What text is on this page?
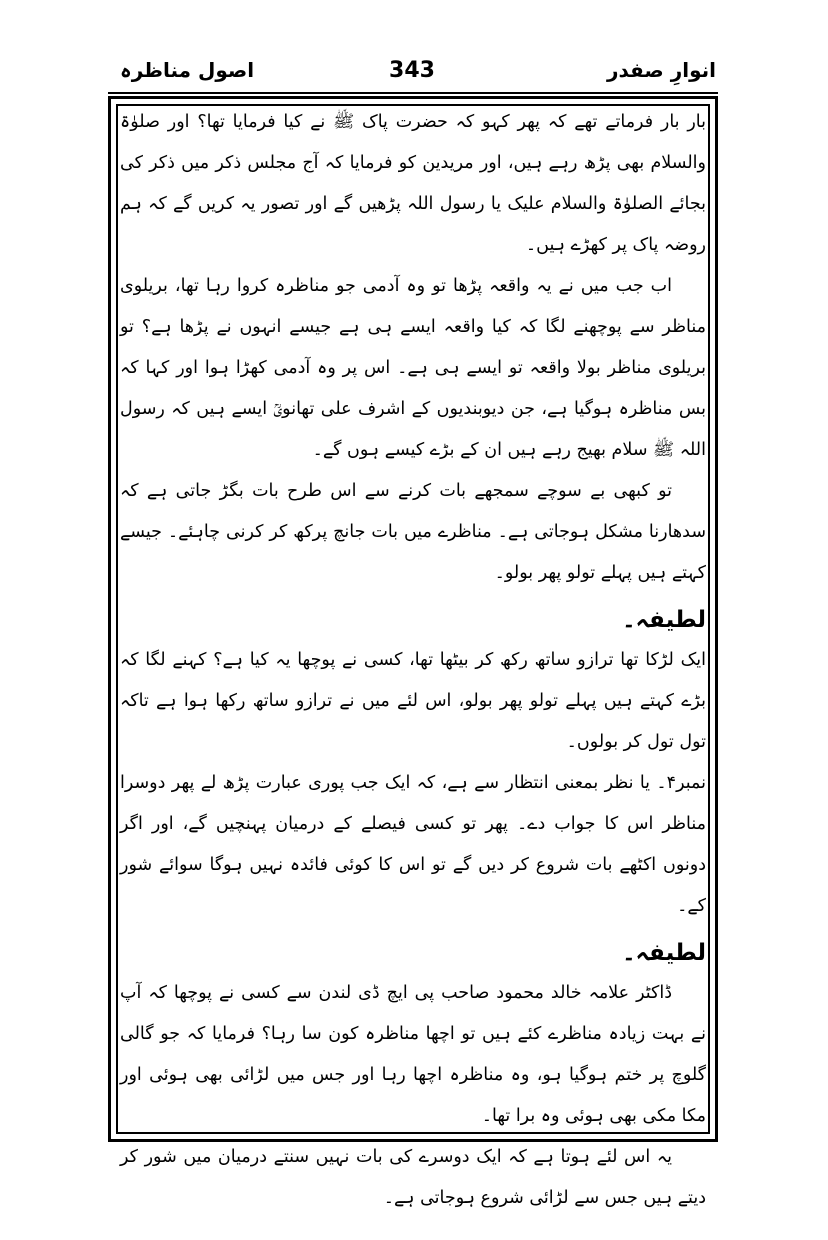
انوارِ صفدر
343
اصول مناظرہ

بار بار فرماتے تھے کہ پھر کہو کہ حضرت پاک ﷺ نے کیا فرمایا تھا؟ اور صلوٰۃ والسلام بھی پڑھ رہے ہیں، اور مریدین کو فرمایا کہ آج مجلس ذکر میں ذکر کی بجائے الصلوٰۃ والسلام علیک یا رسول اللہ پڑھیں گے اور تصور یہ کریں گے کہ ہم روضہ پاک پر کھڑے ہیں۔

اب جب میں نے یہ واقعہ پڑھا تو وہ آدمی جو مناظرہ کروا رہا تھا، بریلوی مناظر سے پوچھنے لگا کہ کیا واقعہ ایسے ہی ہے جیسے انہوں نے پڑھا ہے؟ تو بریلوی مناظر بولا واقعہ تو ایسے ہی ہے۔ اس پر وہ آدمی کھڑا ہوا اور کہا کہ بس مناظرہ ہوگیا ہے، جن دیوبندیوں کے اشرف علی تھانویؒ ایسے ہیں کہ رسول اللہ ﷺ سلام بھیج رہے ہیں ان کے بڑے کیسے ہوں گے۔

تو کبھی بے سوچے سمجھے بات کرنے سے اس طرح بات بگڑ جاتی ہے کہ سدھارنا مشکل ہوجاتی ہے۔ مناظرے میں بات جانچ پرکھ کر کرنی چاہئے۔ جیسے کہتے ہیں پہلے تولو پھر بولو۔

لطیفہ۔

ایک لڑکا تھا ترازو ساتھ رکھ کر بیٹھا تھا، کسی نے پوچھا یہ کیا ہے؟ کہنے لگا کہ بڑے کہتے ہیں پہلے تولو پھر بولو، اس لئے میں نے ترازو ساتھ رکھا ہوا ہے تاکہ تول تول کر بولوں۔

نمبر۴۔ یا نظر بمعنی انتظار سے ہے، کہ ایک جب پوری عبارت پڑھ لے پھر دوسرا مناظر اس کا جواب دے۔ پھر تو کسی فیصلے کے درمیان پہنچیں گے، اور اگر دونوں اکٹھے بات شروع کر دیں گے تو اس کا کوئی فائدہ نہیں ہوگا سوائے شور کے۔

لطیفہ۔

ڈاکٹر علامہ خالد محمود صاحب پی ایچ ڈی لندن سے کسی نے پوچھا کہ آپ نے بہت زیادہ مناظرے کئے ہیں تو اچھا مناظرہ کون سا رہا؟ فرمایا کہ جو گالی گلوچ پر ختم ہوگیا ہو، وہ مناظرہ اچھا رہا اور جس میں لڑائی بھی ہوئی اور مکا مکی بھی ہوئی وہ برا تھا۔

یہ اس لئے ہوتا ہے کہ ایک دوسرے کی بات نہیں سنتے درمیان میں شور کر دیتے ہیں جس سے لڑائی شروع ہوجاتی ہے۔
